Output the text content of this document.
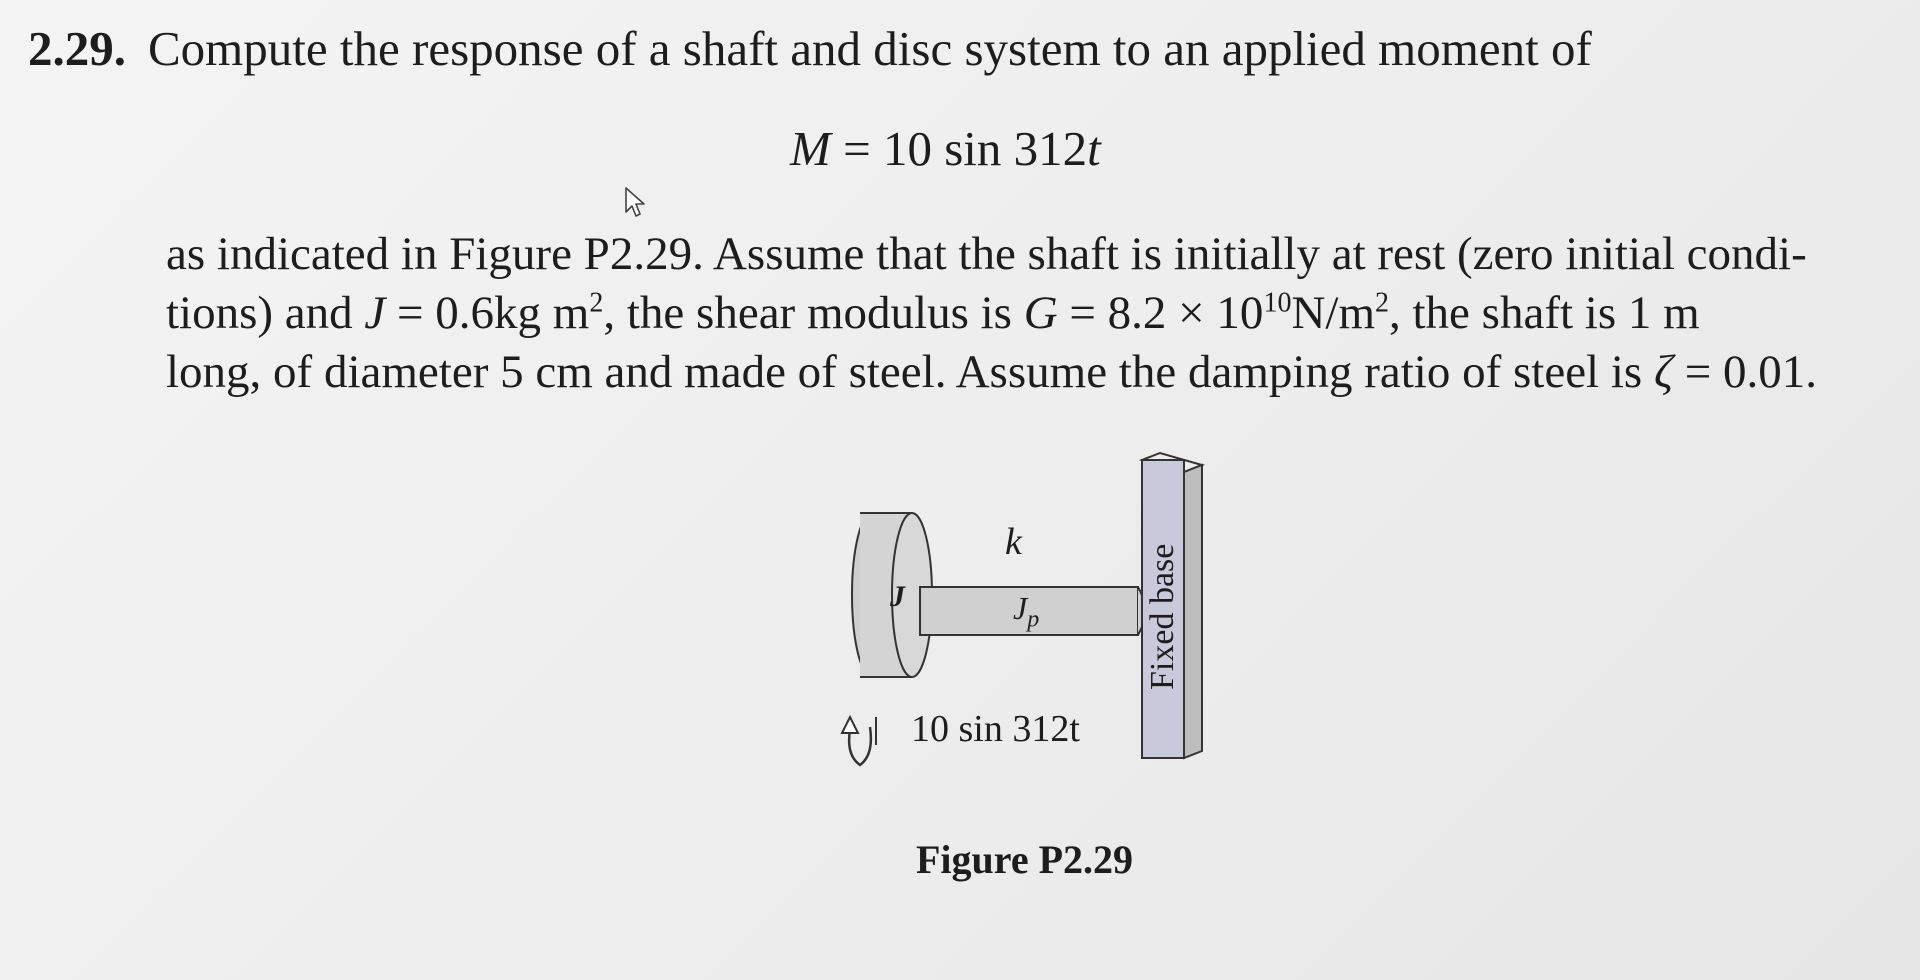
2.29. Compute the response of a shaft and disc system to an applied moment of
M = 10 sin 312t
as indicated in Figure P2.29. Assume that the shaft is initially at rest (zero initial condi-
tions) and J = 0.6kg $m^2$, the shear modulus is $G = 8.2 \times 10^{10}N/m^2$, the shaft is 1 m
long, of diameter 5 cm and made of steel. Assume the damping ratio of steel is ζ = 0.01.
k
J	$J_p$	Fixed base
10 sin 312t
Figure P2.29
